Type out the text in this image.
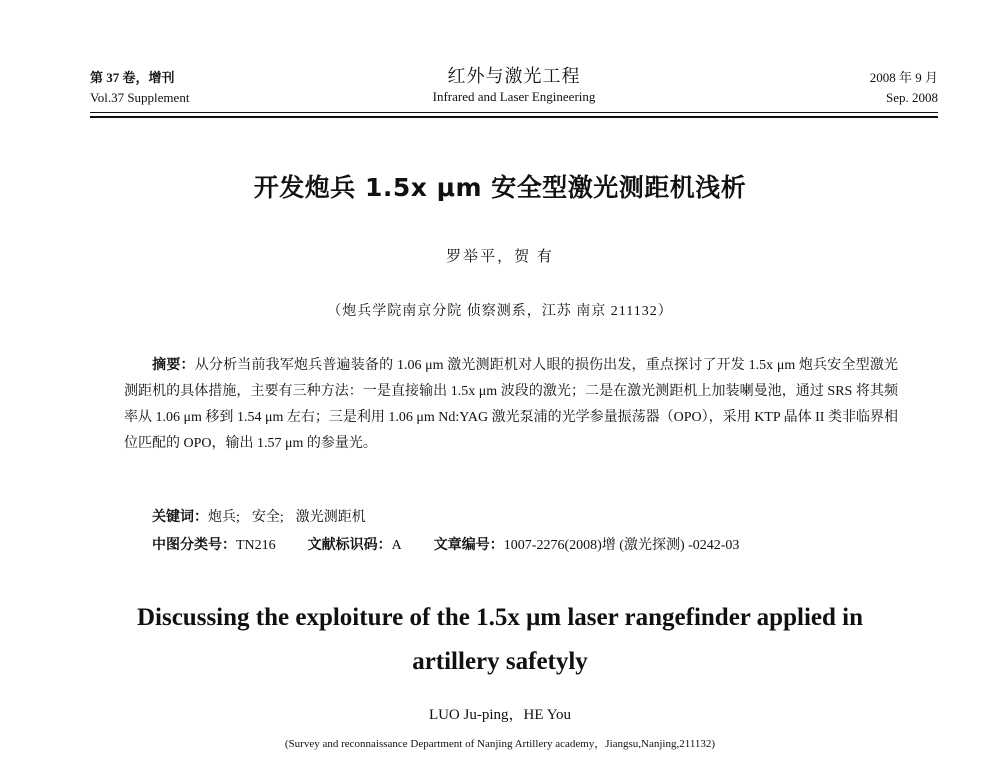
第 37 卷，增刊
Vol.37 Supplement
红外与激光工程
Infrared and Laser Engineering
2008 年 9 月
Sep. 2008
开发炮兵 1.5x μm 安全型激光测距机浅析
罗举平，贺 有
（炮兵学院南京分院 侦察测系，江苏 南京 211132）
摘要：从分析当前我军炮兵普遍装备的 1.06 μm 激光测距机对人眼的损伤出发，重点探讨了开发 1.5x μm 炮兵安全型激光测距机的具体措施，主要有三种方法：一是直接输出 1.5x μm 波段的激光；二是在激光测距机上加装喇曼池，通过 SRS 将其频率从 1.06 μm 移到 1.54 μm 左右；三是利用 1.06 μm Nd:YAG 激光泵浦的光学参量振荡器（OPO），采用 KTP 晶体 II 类非临界相位匹配的 OPO，输出 1.57 μm 的参量光。
关键词：炮兵; 安全; 激光测距机
中图分类号：TN216 文献标识码：A 文章编号：1007-2276(2008)增 (激光探测) -0242-03
Discussing the exploiture of the 1.5x μm laser rangefinder applied in
artillery safetyly
LUO Ju-ping，HE You
(Survey and reconnaissance Department of Nanjing Artillery academy，Jiangsu,Nanjing,211132)
